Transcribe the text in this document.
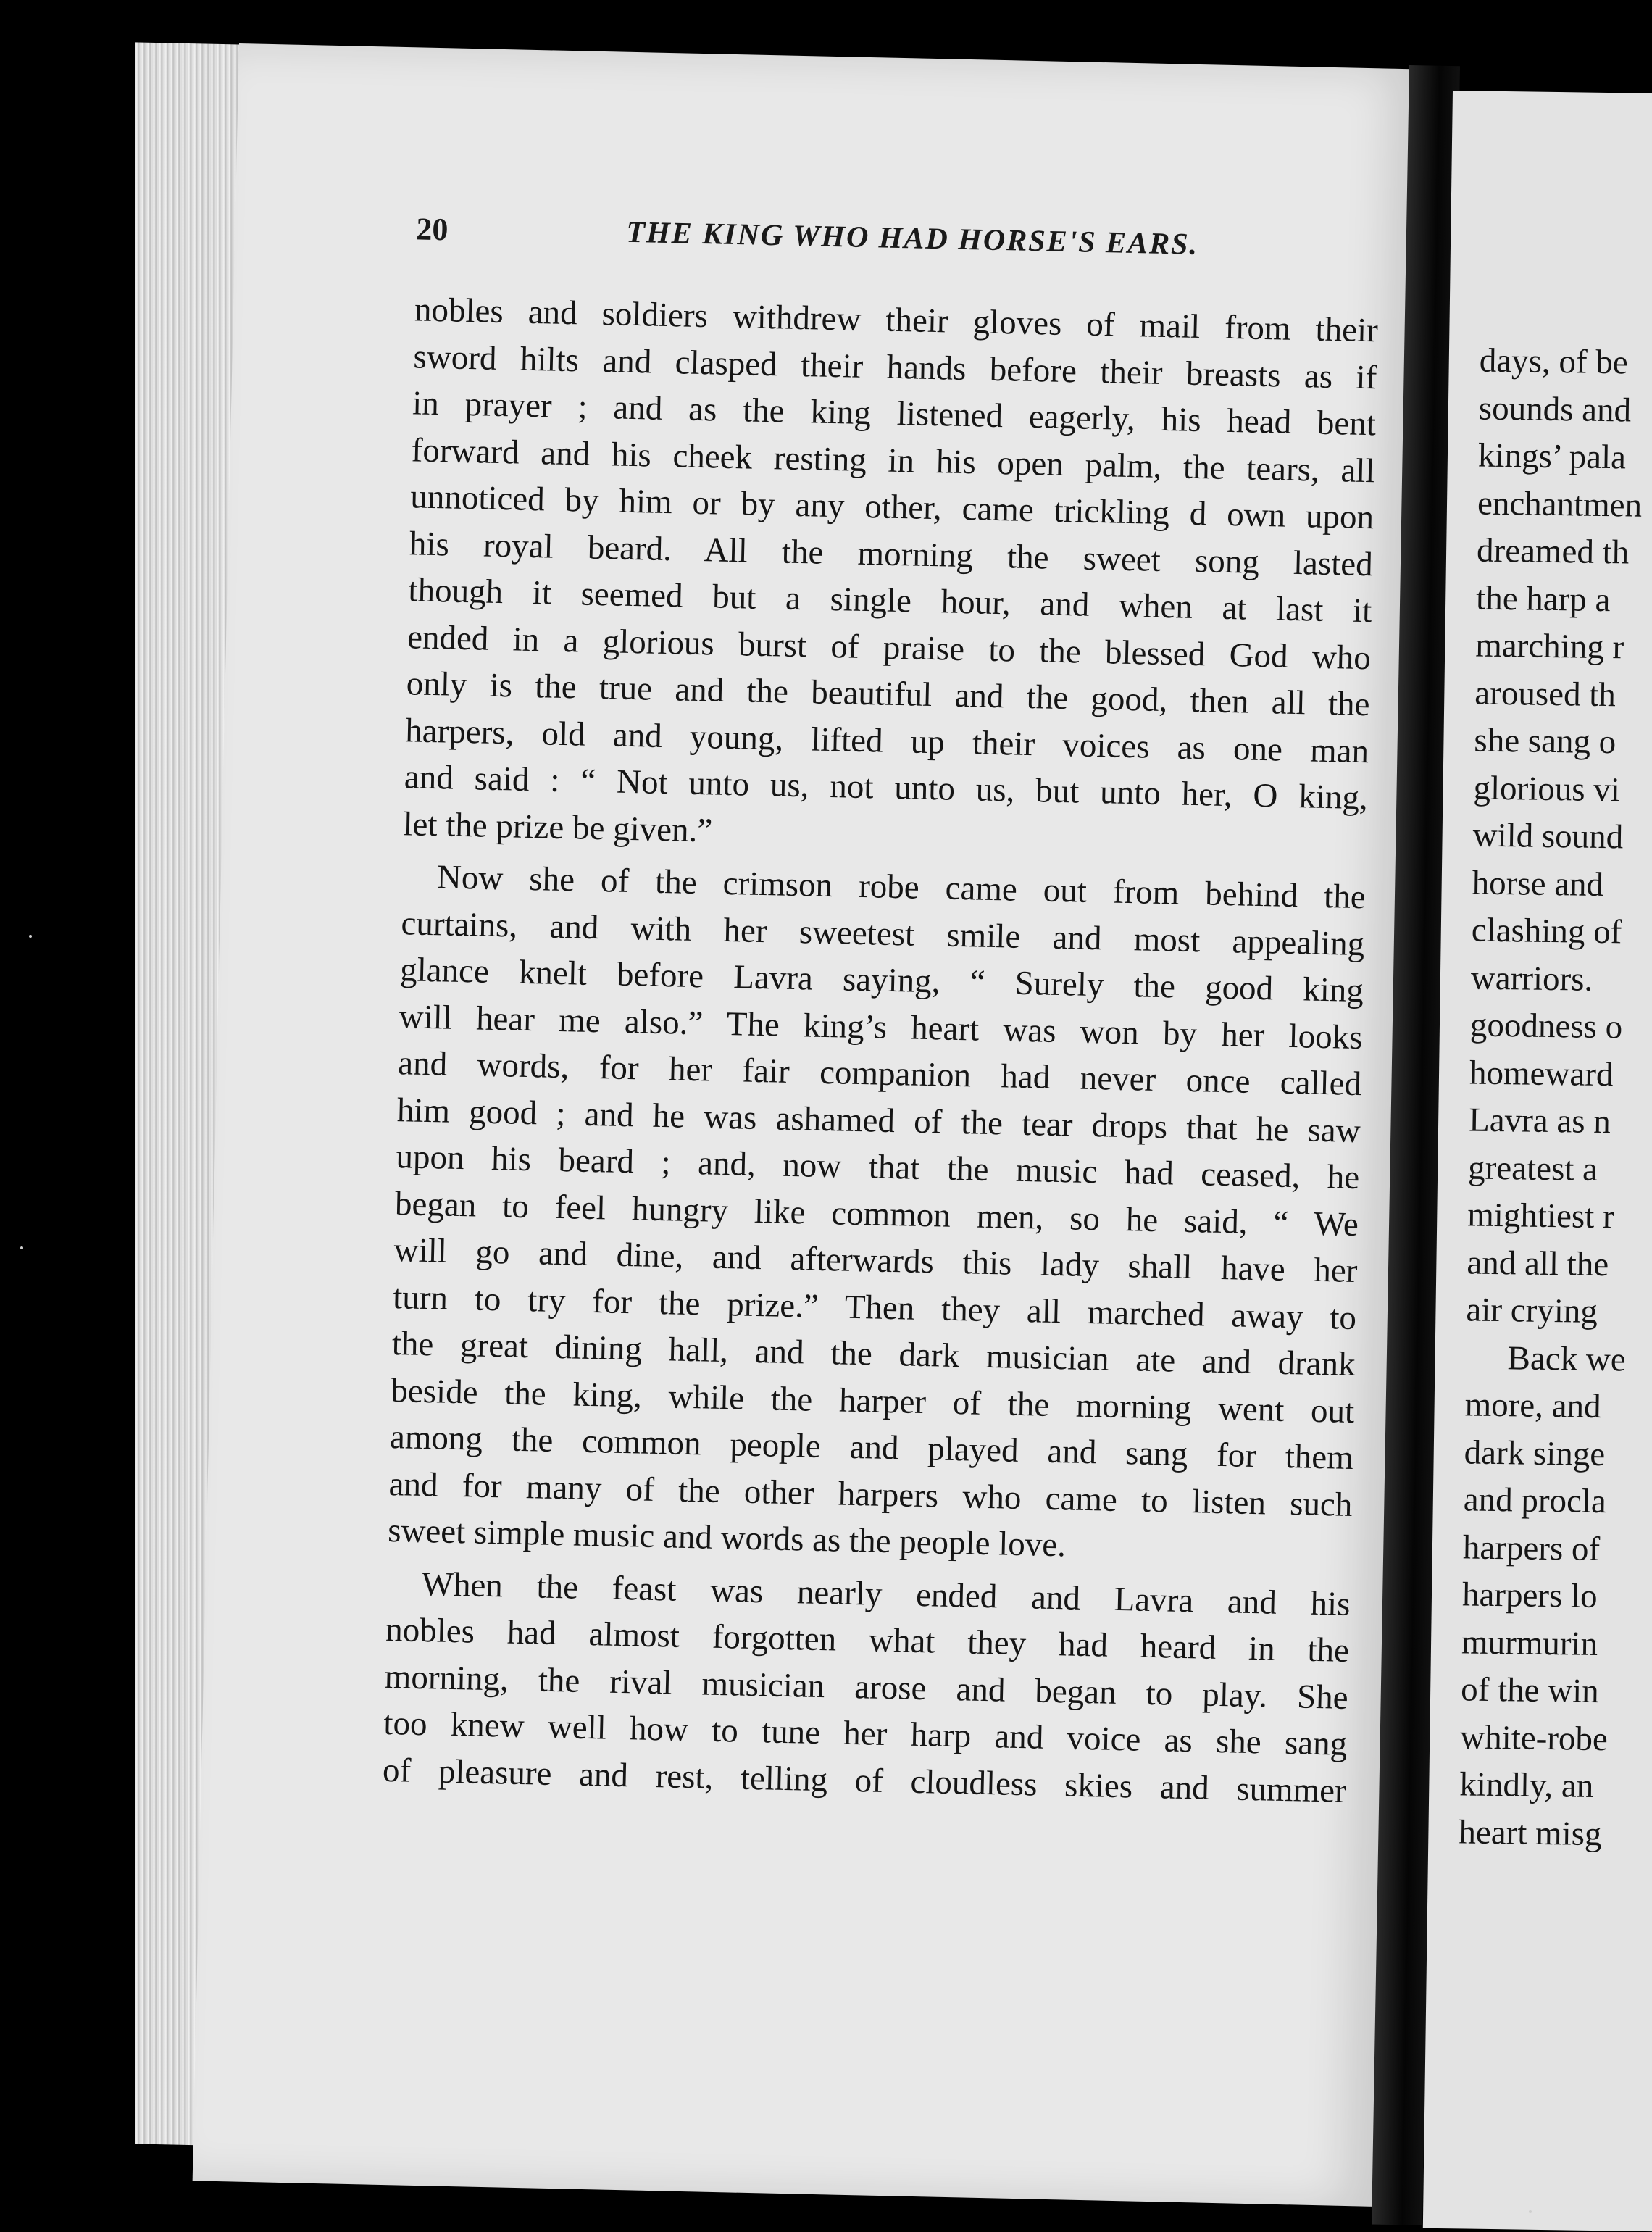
20	THE KING WHO HAD HORSE'S EARS.
nobles and soldiers withdrew their gloves of mail from their
sword hilts and clasped their hands before their breasts as if
in prayer ; and as the king listened eagerly, his head bent
forward and his cheek resting in his open palm, the tears, all
unnoticed by him or by any other, came trickling d own upon
his royal beard. All the morning the sweet song lasted
though it seemed but a single hour, and when at last it
ended in a glorious burst of praise to the blessed God who
only is the true and the beautiful and the good, then all the
harpers, old and young, lifted up their voices as one man
and said : “ Not unto us, not unto us, but unto her, O king,
let the prize be given.”
Now she of the crimson robe came out from behind the
curtains, and with her sweetest smile and most appealing
glance knelt before Lavra saying, “ Surely the good king
will hear me also.” The king’s heart was won by her looks
and words, for her fair companion had never once called
him good ; and he was ashamed of the tear drops that he saw
upon his beard ; and, now that the music had ceased, he
began to feel hungry like common men, so he said, “ We
will go and dine, and afterwards this lady shall have her
turn to try for the prize.” Then they all marched away to
the great dining hall, and the dark musician ate and drank
beside the king, while the harper of the morning went out
among the common people and played and sang for them
and for many of the other harpers who came to listen such
sweet simple music and words as the people love.
When the feast was nearly ended and Lavra and his
nobles had almost forgotten what they had heard in the
morning, the rival musician arose and began to play. She
too knew well how to tune her harp and voice as she sang
of pleasure and rest, telling of cloudless skies and summer
days, of be
sounds and
kings’ pala
enchantmen
dreamed th
the harp a
marching r
aroused th
she sang o
glorious vi
wild sound
horse and
clashing of
warriors.
goodness o
homeward
Lavra as n
greatest a
mightiest r
and all the
air crying
Back we
more, and
dark singe
and procla
harpers of
harpers lo
murmurin
of the win
white-robe
kindly, an
heart misg
